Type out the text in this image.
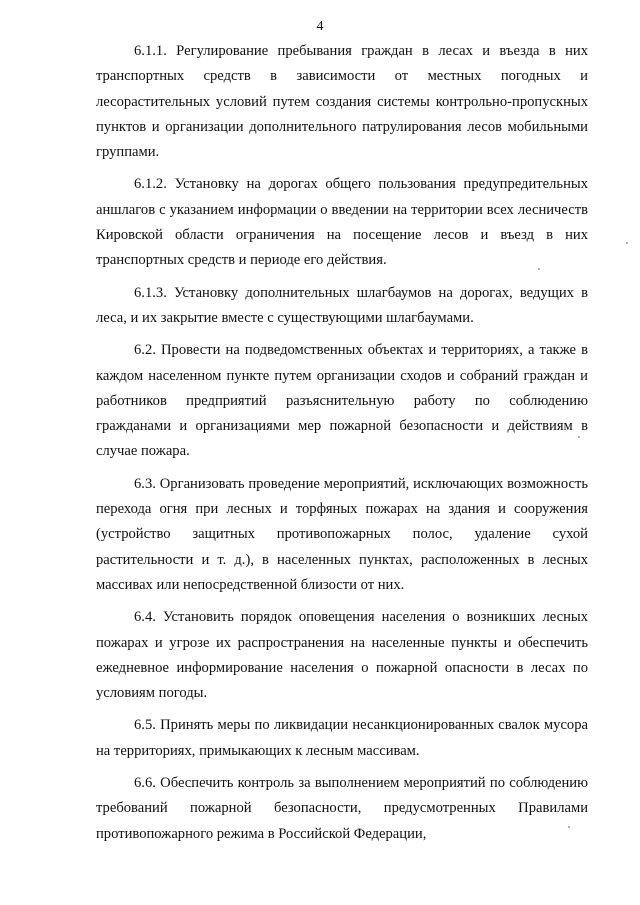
4

6.1.1. Регулирование пребывания граждан в лесах и въезда в них транспортных средств в зависимости от местных погодных и лесорастительных условий путем создания системы контрольно-пропускных пунктов и организации дополнительного патрулирования лесов мобильными группами.

6.1.2. Установку на дорогах общего пользования предупредительных аншлагов с указанием информации о введении на территории всех лесничеств Кировской области ограничения на посещение лесов и въезд в них транспортных средств и периоде его действия.

6.1.3. Установку дополнительных шлагбаумов на дорогах, ведущих в леса, и их закрытие вместе с существующими шлагбаумами.

6.2. Провести на подведомственных объектах и территориях, а также в каждом населенном пункте путем организации сходов и собраний граждан и работников предприятий разъяснительную работу по соблюдению гражданами и организациями мер пожарной безопасности и действиям в случае пожара.

6.3. Организовать проведение мероприятий, исключающих возможность перехода огня при лесных и торфяных пожарах на здания и сооружения (устройство защитных противопожарных полос, удаление сухой растительности и т. д.), в населенных пунктах, расположенных в лесных массивах или непосредственной близости от них.

6.4. Установить порядок оповещения населения о возникших лесных пожарах и угрозе их распространения на населенные пункты и обеспечить ежедневное информирование населения о пожарной опасности в лесах по условиям погоды.

6.5. Принять меры по ликвидации несанкционированных свалок мусора на территориях, примыкающих к лесным массивам.

6.6. Обеспечить контроль за выполнением мероприятий по соблюдению требований пожарной безопасности, предусмотренных Правилами противопожарного режима в Российской Федерации,
